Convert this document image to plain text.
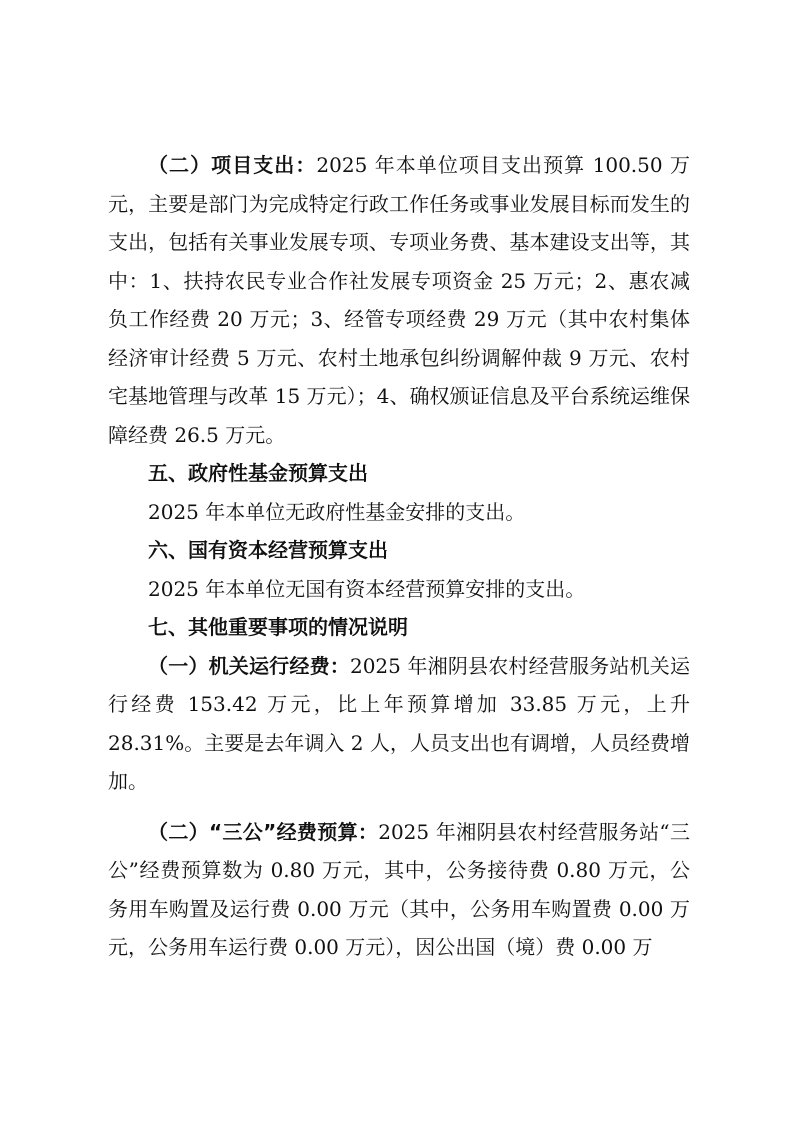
（二）项目支出：2025 年本单位项目支出预算 100.50 万元，主要是部门为完成特定行政工作任务或事业发展目标而发生的支出，包括有关事业发展专项、专项业务费、基本建设支出等，其中：1、扶持农民专业合作社发展专项资金 25 万元；2、惠农减负工作经费 20 万元；3、经管专项经费 29 万元（其中农村集体经济审计经费 5 万元、农村土地承包纠纷调解仲裁 9 万元、农村宅基地管理与改革 15 万元）；4、确权颁证信息及平台系统运维保障经费 26.5 万元。

五、政府性基金预算支出

2025 年本单位无政府性基金安排的支出。

六、国有资本经营预算支出

2025 年本单位无国有资本经营预算安排的支出。

七、其他重要事项的情况说明

（一）机关运行经费：2025 年湘阴县农村经营服务站机关运行经费 153.42 万元，比上年预算增加 33.85 万元，上升 28.31%。主要是去年调入 2 人，人员支出也有调增，人员经费增加。

（二）“三公”经费预算：2025 年湘阴县农村经营服务站“三公”经费预算数为 0.80 万元，其中，公务接待费 0.80 万元，公务用车购置及运行费 0.00 万元（其中，公务用车购置费 0.00 万元，公务用车运行费 0.00 万元），因公出国（境）费 0.00 万
